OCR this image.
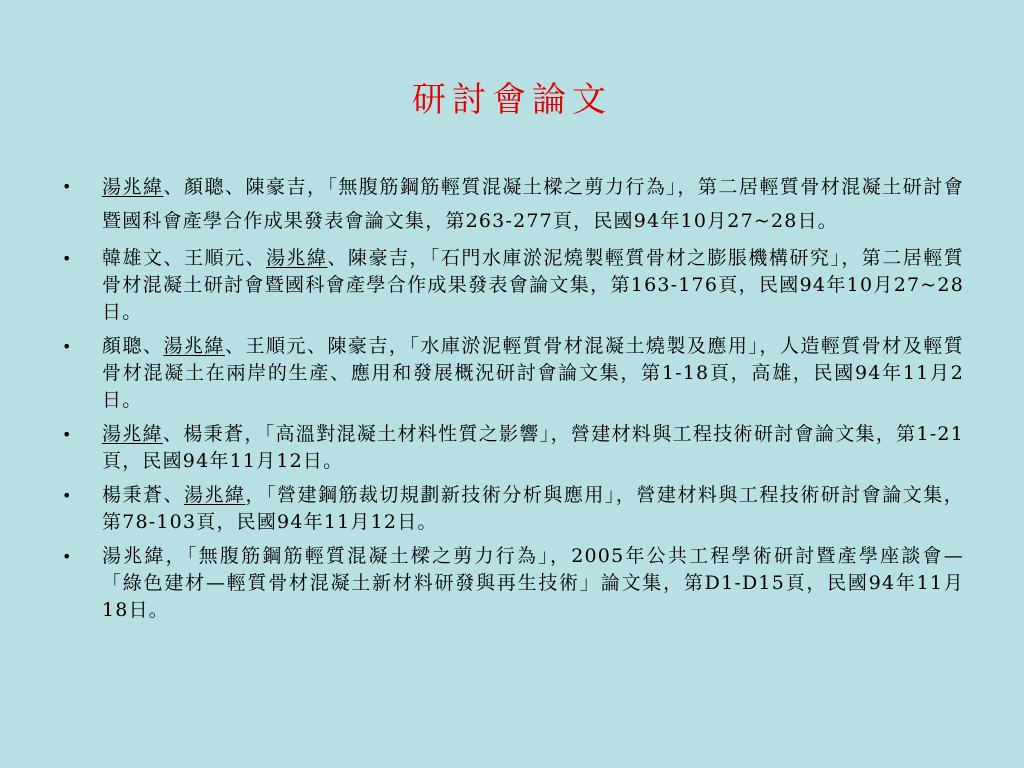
研討會論文
• 湯兆緯、顏聰、陳豪吉，「無腹筋鋼筋輕質混凝土樑之剪力行為」，第二居輕質骨材混凝土研討會暨國科會產學合作成果發表會論文集，第263-277頁，民國94年10月27~28日。
• 韓雄文、王順元、湯兆緯、陳豪吉，「石門水庫淤泥燒製輕質骨材之膨脹機構研究」，第二居輕質骨材混凝土研討會暨國科會產學合作成果發表會論文集，第163-176頁，民國94年10月27~28日。
• 顏聰、湯兆緯、王順元、陳豪吉，「水庫淤泥輕質骨材混凝土燒製及應用」，人造輕質骨材及輕質骨材混凝土在兩岸的生產、應用和發展概況研討會論文集，第1-18頁，高雄，民國94年11月2日。
• 湯兆緯、楊秉蒼，「高溫對混凝土材料性質之影響」，營建材料與工程技術研討會論文集，第1-21頁，民國94年11月12日。
• 楊秉蒼、湯兆緯，「營建鋼筋裁切規劃新技術分析與應用」，營建材料與工程技術研討會論文集，第78-103頁，民國94年11月12日。
• 湯兆緯，「無腹筋鋼筋輕質混凝土樑之剪力行為」，2005年公共工程學術研討暨產學座談會—「綠色建材—輕質骨材混凝土新材料研發與再生技術」論文集，第D1-D15頁，民國94年11月18日。
